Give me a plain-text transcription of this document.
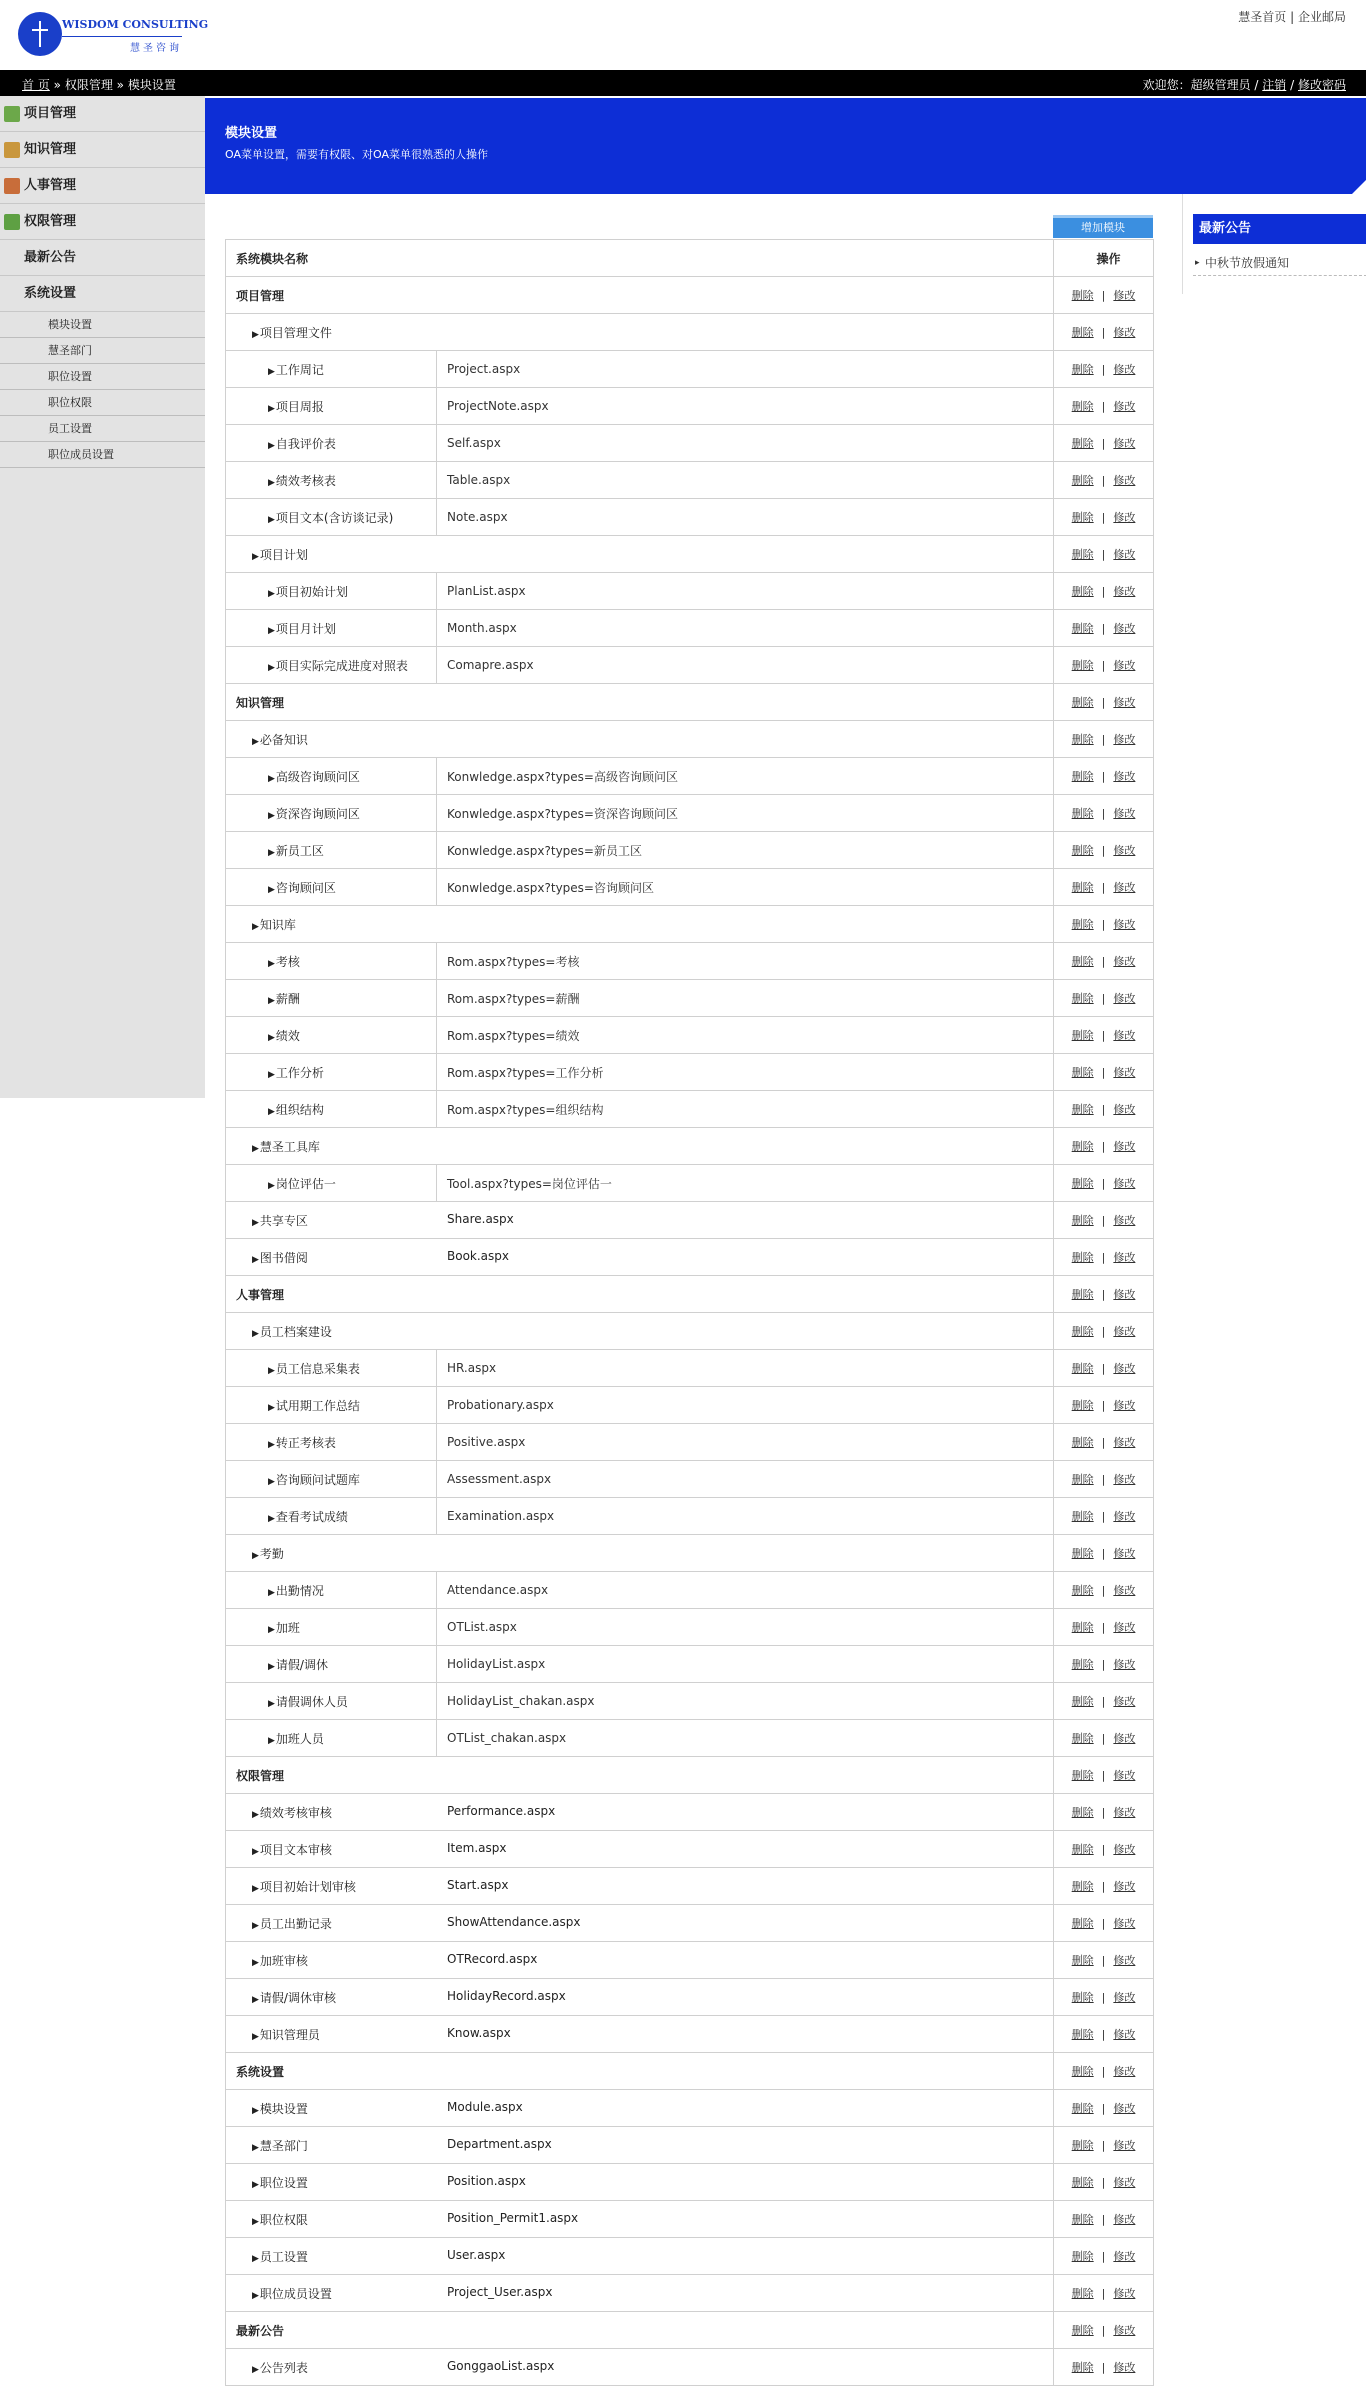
WISDOM CONSULTING
慧圣咨询
慧圣首页 | 企业邮局
首 页 » 权限管理 » 模块设置	欢迎您：超级管理员 / 注销 / 修改密码
项目管理
知识管理
人事管理
权限管理
最新公告
系统设置
模块设置
慧圣部门
职位设置
职位权限
员工设置
职位成员设置
模块设置

OA菜单设置，需要有权限、对OA菜单很熟悉的人操作

最新公告
▸ 中秋节放假通知
增加模块
系统模块名称		操作
项目管理		删除 | 修改
▶项目管理文件		删除 | 修改
▶工作周记	Project.aspx	删除 | 修改
▶项目周报	ProjectNote.aspx	删除 | 修改
▶自我评价表	Self.aspx	删除 | 修改
▶绩效考核表	Table.aspx	删除 | 修改
▶项目文本(含访谈记录)	Note.aspx	删除 | 修改
▶项目计划		删除 | 修改
▶项目初始计划	PlanList.aspx	删除 | 修改
▶项目月计划	Month.aspx	删除 | 修改
▶项目实际完成进度对照表	Comapre.aspx	删除 | 修改
知识管理		删除 | 修改
▶必备知识		删除 | 修改
▶高级咨询顾问区	Konwledge.aspx?types=高级咨询顾问区	删除 | 修改
▶资深咨询顾问区	Konwledge.aspx?types=资深咨询顾问区	删除 | 修改
▶新员工区	Konwledge.aspx?types=新员工区	删除 | 修改
▶咨询顾问区	Konwledge.aspx?types=咨询顾问区	删除 | 修改
▶知识库		删除 | 修改
▶考核	Rom.aspx?types=考核	删除 | 修改
▶薪酬	Rom.aspx?types=薪酬	删除 | 修改
▶绩效	Rom.aspx?types=绩效	删除 | 修改
▶工作分析	Rom.aspx?types=工作分析	删除 | 修改
▶组织结构	Rom.aspx?types=组织结构	删除 | 修改
▶慧圣工具库		删除 | 修改
▶岗位评估一	Tool.aspx?types=岗位评估一	删除 | 修改
▶共享专区 Share.aspx		删除 | 修改
▶图书借阅 Book.aspx		删除 | 修改
人事管理		删除 | 修改
▶员工档案建设		删除 | 修改
▶员工信息采集表	HR.aspx	删除 | 修改
▶试用期工作总结	Probationary.aspx	删除 | 修改
▶转正考核表	Positive.aspx	删除 | 修改
▶咨询顾问试题库	Assessment.aspx	删除 | 修改
▶查看考试成绩	Examination.aspx	删除 | 修改
▶考勤		删除 | 修改
▶出勤情况	Attendance.aspx	删除 | 修改
▶加班	OTList.aspx	删除 | 修改
▶请假/调休	HolidayList.aspx	删除 | 修改
▶请假调休人员	HolidayList_chakan.aspx	删除 | 修改
▶加班人员	OTList_chakan.aspx	删除 | 修改
权限管理		删除 | 修改
▶绩效考核审核 Performance.aspx		删除 | 修改
▶项目文本审核 Item.aspx		删除 | 修改
▶项目初始计划审核 Start.aspx		删除 | 修改
▶员工出勤记录 ShowAttendance.aspx		删除 | 修改
▶加班审核 OTRecord.aspx		删除 | 修改
▶请假/调休审核 HolidayRecord.aspx		删除 | 修改
▶知识管理员 Know.aspx		删除 | 修改
系统设置		删除 | 修改
▶模块设置 Module.aspx		删除 | 修改
▶慧圣部门 Department.aspx		删除 | 修改
▶职位设置 Position.aspx		删除 | 修改
▶职位权限 Position_Permit1.aspx		删除 | 修改
▶员工设置 User.aspx		删除 | 修改
▶职位成员设置 Project_User.aspx		删除 | 修改
最新公告		删除 | 修改
▶公告列表 GonggaoList.aspx		删除 | 修改
